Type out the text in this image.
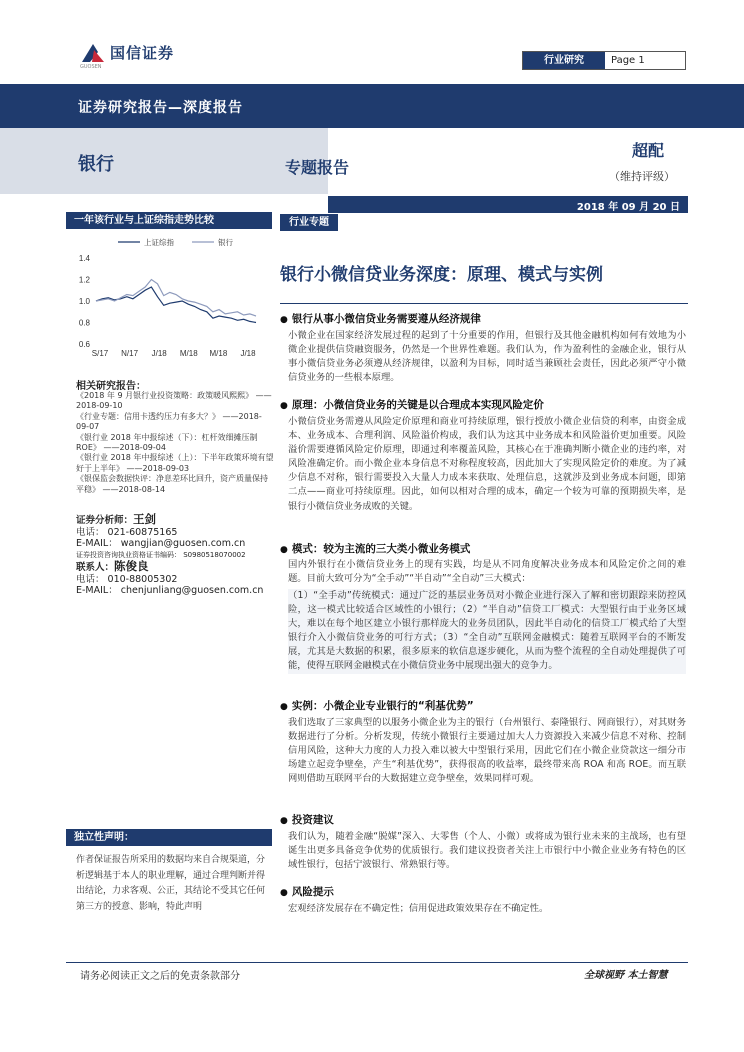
国信证券
GUOSEN
行业研究	Page 1
证券研究报告—深度报告
银行	专题报告
超配
（维持评级）
2018 年 09 月 20 日
一年该行业与上证综指走势比较
1.4
1.2
1.0
0.8
0.6
S/17 N/17 J/18 M/18 M/18 J/18
上证综指	银行
相关研究报告：
《2018 年 9 月银行业投资策略：政策暖风熙熙》 ——2018-09-10
《行业专题：信用卡透约压力有多大？》 ——2018-09-07
《银行业 2018 年中报综述（下）：杠杆效细摊压制 ROE》 ——2018-09-04
《银行业 2018 年中报综述（上）：下半年政策环境有望好于上半年》 ——2018-09-03
《银保监会数据快评：净息差环比回升，资产质量保持平稳》 ——2018-08-14
证券分析师：王剑
电话： 021-60875165
E-MAIL： wangjian@guosen.com.cn
证券投资咨询执业资格证书编码： S0980518070002
联系人：陈俊良
电话： 010-88005302
E-MAIL： chenjunliang@guosen.com.cn
独立性声明：
作者保证报告所采用的数据均来自合规渠道，分析逻辑基于本人的职业理解，通过合理判断并得出结论，力求客观、公正，其结论不受其它任何第三方的授意、影响，特此声明
行业专题
银行小微信贷业务深度：原理、模式与实例
● 银行从事小微信贷业务需要遵从经济规律
小微企业在国家经济发展过程的起到了十分重要的作用，但银行及其他金融机构如何有效地为小微企业提供信贷融资服务，仍然是一个世界性难题。我们认为，作为盈利性的金融企业，银行从事小微信贷业务必须遵从经济规律，以盈利为目标，同时适当兼顾社会责任，因此必须严守小微信贷业务的一些根本原理。
● 原理：小微信贷业务的关键是以合理成本实现风险定价
小微信贷业务需遵从风险定价原理和商业可持续原理，银行授放小微企业信贷的利率，由资金成本、业务成本、合理利润、风险溢价构成，我们认为这其中业务成本和风险溢价更加重要。风险溢价需要遵循风险定价原理，即通过利率覆盖风险，其核心在于准确判断小微企业的违约率，对风险准确定价。而小微企业本身信息不对称程度较高，因此加大了实现风险定价的难度。为了减少信息不对称，银行需要投入大量人力成本来获取、处理信息，这就涉及到业务成本问题，即第二点——商业可持续原理。因此，如何以相对合理的成本，确定一个较为可靠的预期损失率，是银行小微信贷业务成败的关键。
● 模式：较为主流的三大类小微业务模式
国内外银行在小微信贷业务上的现有实践，均是从不同角度解决业务成本和风险定价之间的难题。目前大致可分为“全手动”“半自动”“全自动”三大模式：
（1）“全手动”传统模式：通过广泛的基层业务员对小微企业进行深入了解和密切跟踪来防控风险，这一模式比较适合区域性的小银行；（2）“半自动”信贷工厂模式：大型银行由于业务区域大，难以在每个地区建立小银行那样庞大的业务员团队，因此半自动化的信贷工厂模式给了大型银行介入小微信贷业务的可行方式；（3）“全自动”互联网金融模式：随着互联网平台的不断发展，尤其是大数据的积累，很多原来的软信息逐步硬化，从而为整个流程的全自动处理提供了可能，使得互联网金融模式在小微信贷业务中展现出强大的竞争力。
● 实例：小微企业专业银行的“利基优势”
我们选取了三家典型的以服务小微企业为主的银行（台州银行、泰隆银行、网商银行），对其财务数据进行了分析。分析发现，传统小微银行主要通过加大人力资源投入来减少信息不对称、控制信用风险，这种大力度的人力投入难以被大中型银行采用，因此它们在小微企业贷款这一细分市场建立起竞争壁垒，产生“利基优势”，获得很高的收益率，最终带来高 ROA 和高 ROE。而互联网则借助互联网平台的大数据建立竞争壁垒，效果同样可观。
● 投资建议
我们认为，随着金融“脱媒”深入、大零售（个人、小微）或将成为银行业未来的主战场，也有望诞生出更多具备竞争优势的优质银行。我们建议投资者关注上市银行中小微企业业务有特色的区域性银行，包括宁波银行、常熟银行等。
● 风险提示
宏观经济发展存在不确定性；信用促进政策效果存在不确定性。
请务必阅读正文之后的免责条款部分	全球视野 本土智慧
